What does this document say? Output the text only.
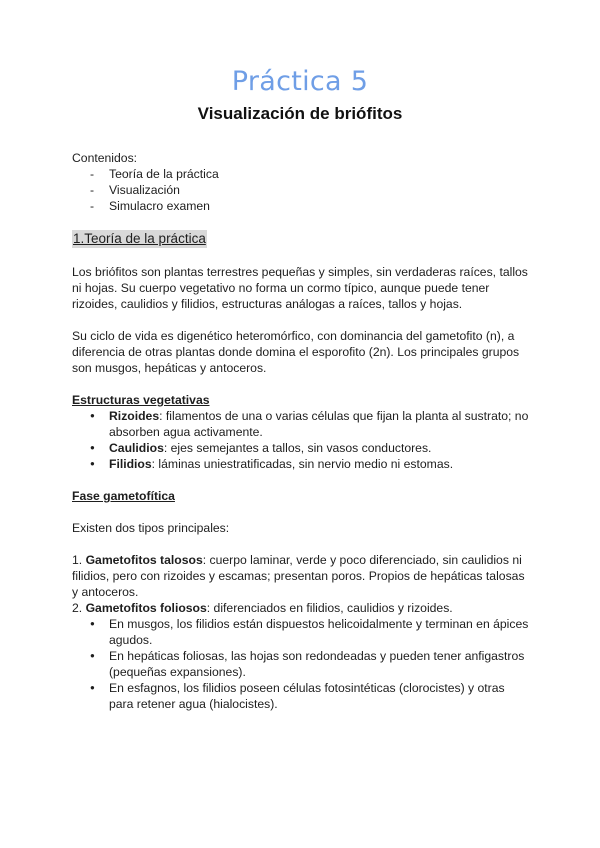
Práctica 5
Visualización de briófitos

Contenidos:

- Teoría de la práctica
- Visualización
- Simulacro examen
1.Teoría de la práctica

Los briófitos son plantas terrestres pequeñas y simples, sin verdaderas raíces, tallos ni hojas. Su cuerpo vegetativo no forma un cormo típico, aunque puede tener rizoides, caulidios y filidios, estructuras análogas a raíces, tallos y hojas.

Su ciclo de vida es digenético heteromórfico, con dominancia del gametofito (n), a diferencia de otras plantas donde domina el esporofito (2n). Los principales grupos son musgos, hepáticas y antoceros.

Estructuras vegetativas

● Rizoides: filamentos de una o varias células que fijan la planta al sustrato; no absorben agua activamente.
● Caulidios: ejes semejantes a tallos, sin vasos conductores.
● Filidios: láminas uniestratificadas, sin nervio medio ni estomas.

Fase gametofítica

Existen dos tipos principales:

1. Gametofitos talosos: cuerpo laminar, verde y poco diferenciado, sin caulidios ni filidios, pero con rizoides y escamas; presentan poros. Propios de hepáticas talosas y antoceros.

2. Gametofitos foliosos: diferenciados en filidios, caulidios y rizoides.

● En musgos, los filidios están dispuestos helicoidalmente y terminan en ápices agudos.
● En hepáticas foliosas, las hojas son redondeadas y pueden tener anfigastros (pequeñas expansiones).
● En esfagnos, los filidios poseen células fotosintéticas (clorocistes) y otras para retener agua (hialocistes).
